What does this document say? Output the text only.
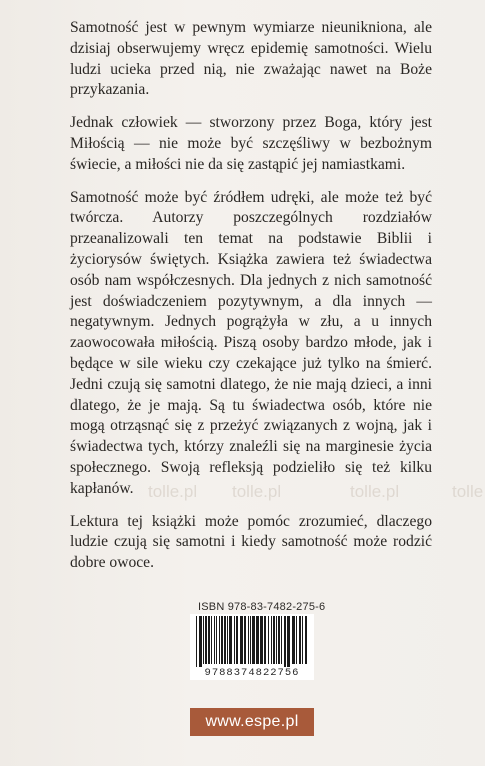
Samotność jest w pewnym wymiarze nieunikniona, ale dzisiaj obserwujemy wręcz epidemię samotności. Wielu ludzi ucieka przed nią, nie zważając nawet na Boże przykazania.

Jednak człowiek — stworzony przez Boga, który jest Miłością — nie może być szczęśliwy w bezbożnym świecie, a miłości nie da się zastąpić jej namiastkami.

Samotność może być źródłem udręki, ale może też być twórcza. Autorzy poszczególnych rozdziałów przeanalizowali ten temat na podstawie Biblii i życiorysów świętych. Książka zawiera też świadectwa osób nam współczesnych. Dla jednych z nich samotność jest doświadczeniem pozytywnym, a dla innych — negatywnym. Jednych pogrążyła w złu, a u innych zaowocowała miłością. Piszą osoby bardzo młode, jak i będące w sile wieku czy czekające już tylko na śmierć. Jedni czują się samotni dlatego, że nie mają dzieci, a inni dlatego, że je mają. Są tu świadectwa osób, które nie mogą otrząsnąć się z przeżyć związanych z wojną, jak i świadectwa tych, którzy znaleźli się na marginesie życia społecznego. Swoją refleksją podzieliło się też kilku kapłanów.

Lektura tej książki może pomóc zrozumieć, dlaczego ludzie czują się samotni i kiedy samotność może rodzić dobre owoce.

tolle.pl tolle.pl	tolle.pl	tolle
ISBN 978-83-7482-275-6
9788374822756
www.espe.pl
